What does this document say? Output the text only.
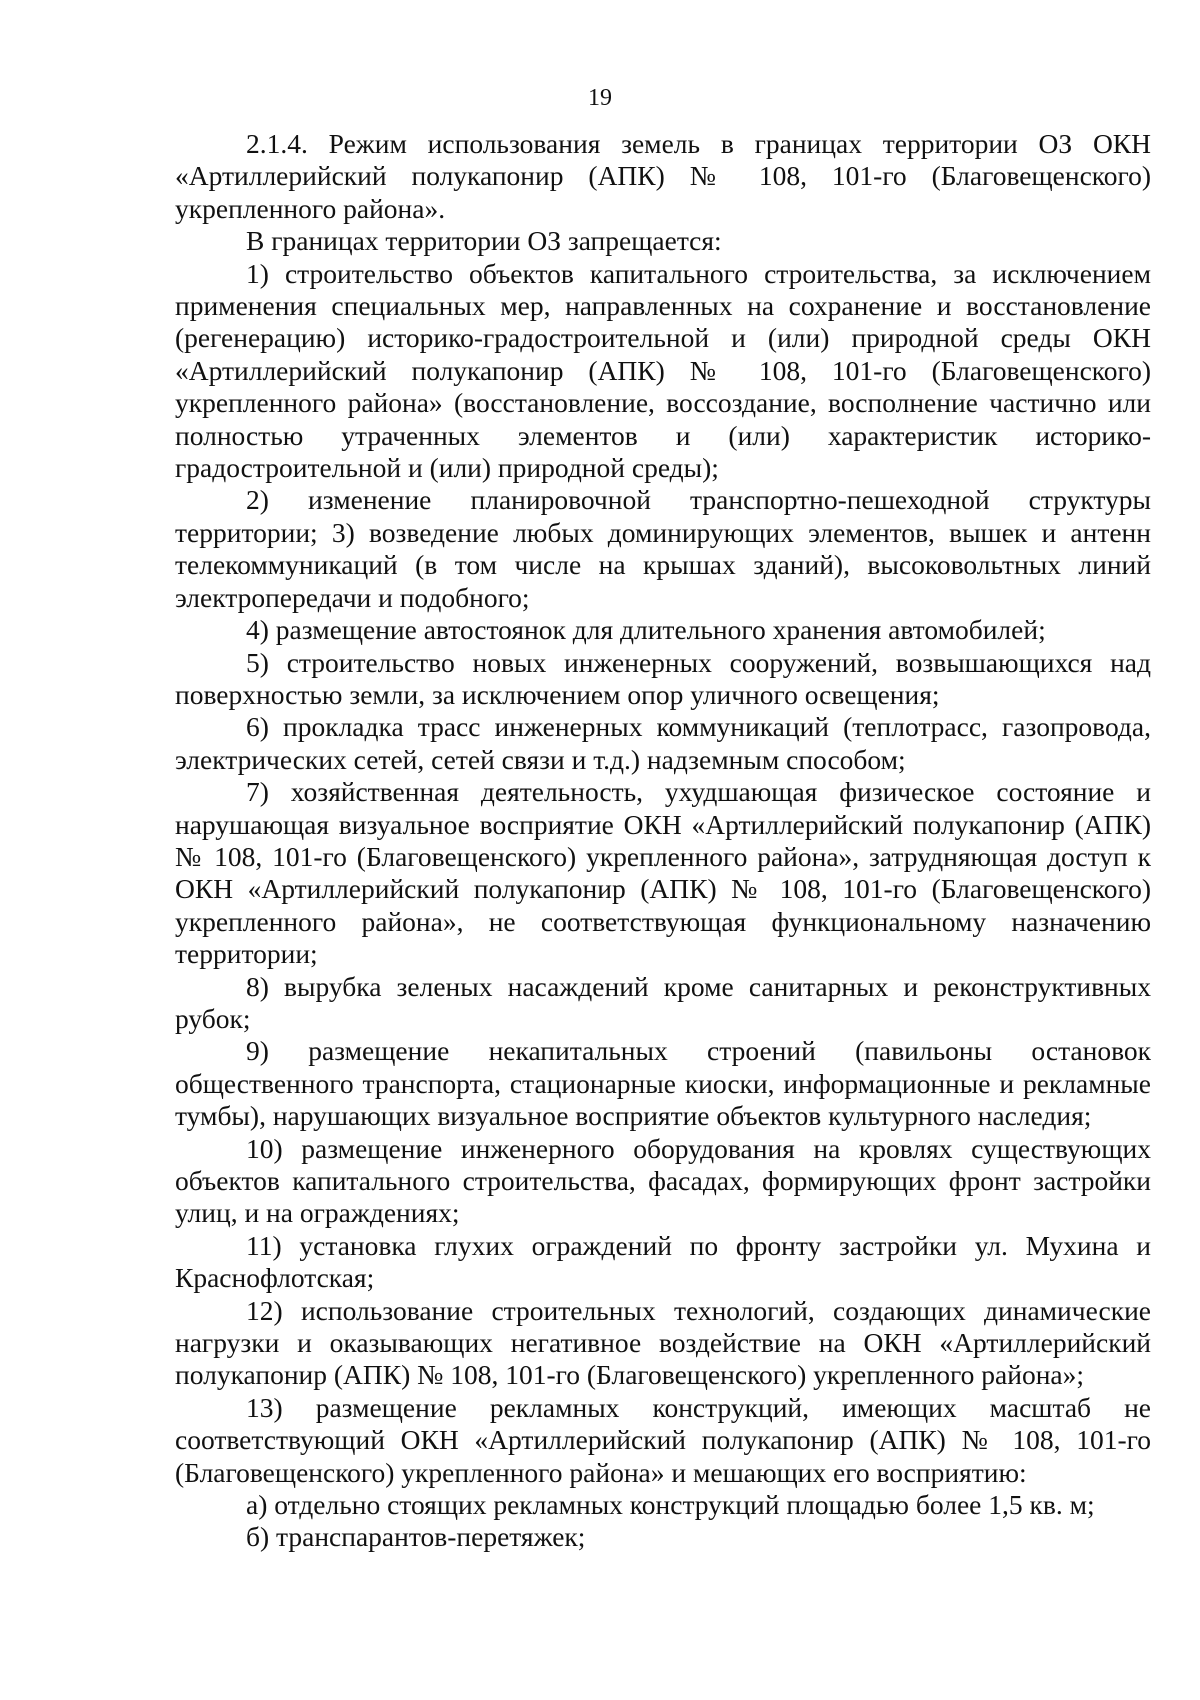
19

2.1.4. Режим использования земель в границах территории ОЗ ОКН «Артиллерийский полукапонир (АПК) № 108, 101-го (Благовещенского) укрепленного района».

В границах территории ОЗ запрещается:

1) строительство объектов капитального строительства, за исключением применения специальных мер, направленных на сохранение и восстановление (регенерацию) историко-градостроительной и (или) природной среды ОКН «Артиллерийский полукапонир (АПК) № 108, 101-го (Благовещенского) укрепленного района» (восстановление, воссоздание, восполнение частично или полностью утраченных элементов и (или) характеристик историко-градостроительной и (или) природной среды);

2) изменение планировочной транспортно-пешеходной структуры территории; 3) возведение любых доминирующих элементов, вышек и антенн телекоммуникаций (в том числе на крышах зданий), высоковольтных линий электропередачи и подобного;

4) размещение автостоянок для длительного хранения автомобилей;

5) строительство новых инженерных сооружений, возвышающихся над поверхностью земли, за исключением опор уличного освещения;

6) прокладка трасс инженерных коммуникаций (теплотрасс, газопровода, электрических сетей, сетей связи и т.д.) надземным способом;

7) хозяйственная деятельность, ухудшающая физическое состояние и нарушающая визуальное восприятие ОКН «Артиллерийский полукапонир (АПК) № 108, 101-го (Благовещенского) укрепленного района», затрудняющая доступ к ОКН «Артиллерийский полукапонир (АПК) № 108, 101-го (Благовещенского) укрепленного района», не соответствующая функциональному назначению территории;

8) вырубка зеленых насаждений кроме санитарных и реконструктивных рубок;

9) размещение некапитальных строений (павильоны остановок общественного транспорта, стационарные киоски, информационные и рекламные тумбы), нарушающих визуальное восприятие объектов культурного наследия;

10) размещение инженерного оборудования на кровлях существующих объектов капитального строительства, фасадах, формирующих фронт застройки улиц, и на ограждениях;

11) установка глухих ограждений по фронту застройки ул. Мухина и Краснофлотская;

12) использование строительных технологий, создающих динамические нагрузки и оказывающих негативное воздействие на ОКН «Артиллерийский полукапонир (АПК) № 108, 101-го (Благовещенского) укрепленного района»;

13) размещение рекламных конструкций, имеющих масштаб не соответствующий ОКН «Артиллерийский полукапонир (АПК) № 108, 101-го (Благовещенского) укрепленного района» и мешающих его восприятию:

а) отдельно стоящих рекламных конструкций площадью более 1,5 кв. м;

б) транспарантов-перетяжек;
